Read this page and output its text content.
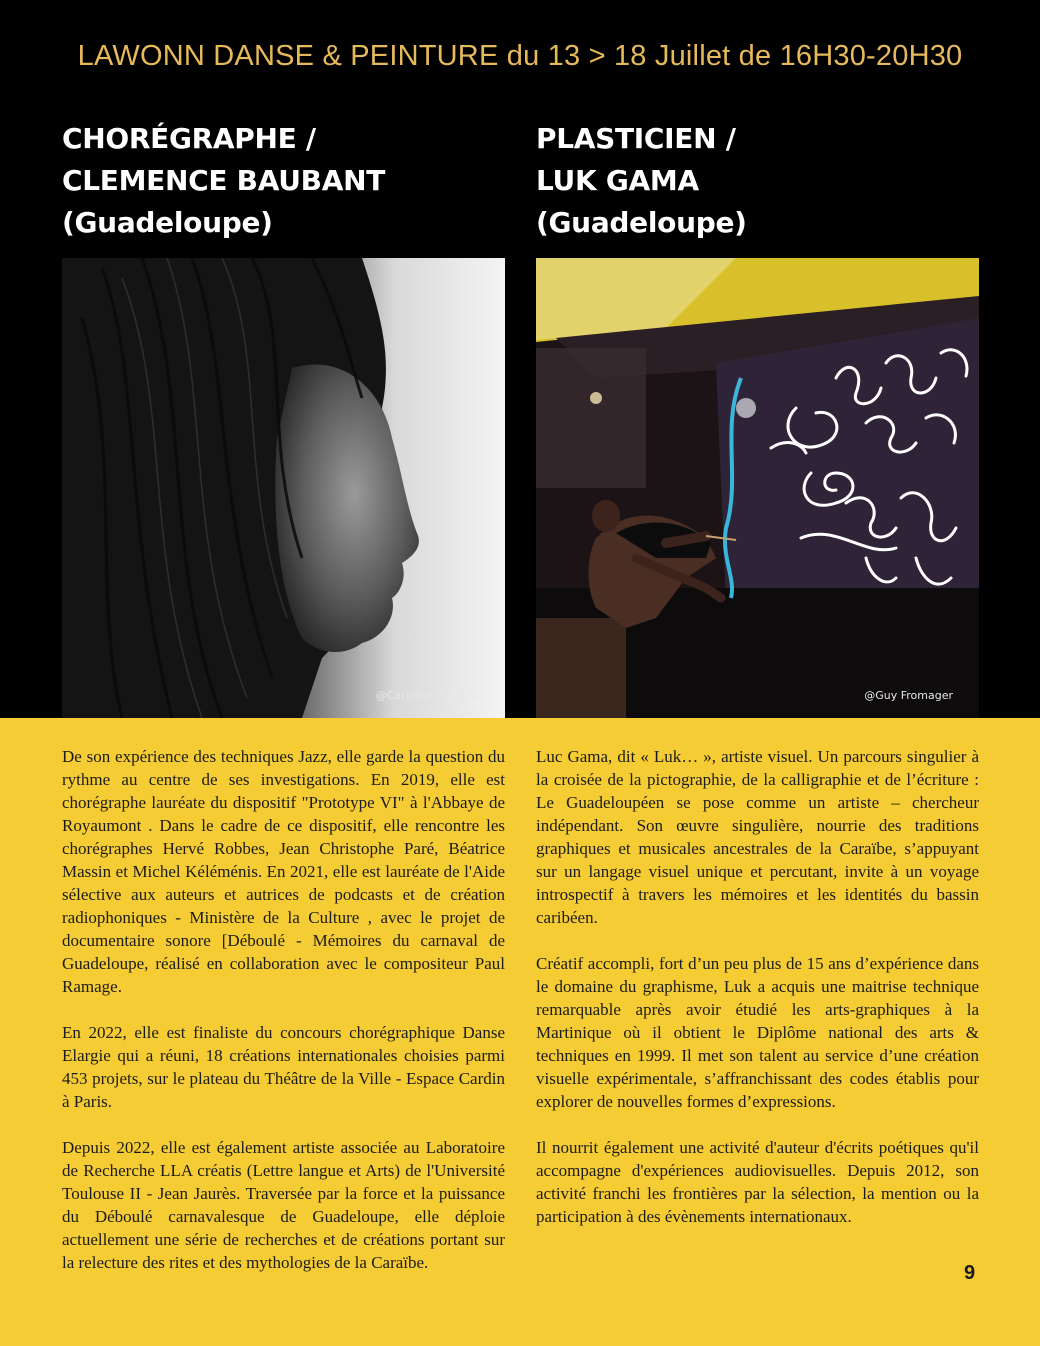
LAWONN DANSE & PEINTURE du 13 > 18 Juillet de 16H30-20H30
CHORÉGRAPHE /
CLEMENCE BAUBANT
(Guadeloupe)
PLASTICIEN /
LUK GAMA
(Guadeloupe)
@Caroline Dassieu	@Guy Fromager

De son expérience des techniques Jazz, elle garde la question du rythme au centre de ses investigations. En 2019, elle est chorégraphe lauréate du dispositif "Prototype VI" à l'Abbaye de Royaumont . Dans le cadre de ce dispositif, elle rencontre les chorégraphes Hervé Robbes, Jean Christophe Paré, Béatrice Massin et Michel Kéléménis. En 2021, elle est lauréate de l'Aide sélective aux auteurs et autrices de podcasts et de création radiophoniques - Ministère de la Culture , avec le projet de documentaire sonore [Déboulé - Mémoires du carnaval de Guadeloupe, réalisé en collaboration avec le compositeur Paul Ramage.

En 2022, elle est finaliste du concours chorégraphique Danse Elargie qui a réuni, 18 créations internationales choisies parmi 453 projets, sur le plateau du Théâtre de la Ville - Espace Cardin à Paris.

Depuis 2022, elle est également artiste associée au Laboratoire de Recherche LLA créatis (Lettre langue et Arts) de l'Université Toulouse II - Jean Jaurès. Traversée par la force et la puissance du Déboulé carnavalesque de Guadeloupe, elle déploie actuellement une série de recherches et de créations portant sur la relecture des rites et des mythologies de la Caraïbe.

Luc Gama, dit « Luk… », artiste visuel. Un parcours singulier à la croisée de la pictographie, de la calligraphie et de l’écriture : Le Guadeloupéen se pose comme un artiste – chercheur indépendant. Son œuvre singulière, nourrie des traditions graphiques et musicales ancestrales de la Caraïbe, s’appuyant sur un langage visuel unique et percutant, invite à un voyage introspectif à travers les mémoires et les identités du bassin caribéen.

Créatif accompli, fort d’un peu plus de 15 ans d’expérience dans le domaine du graphisme, Luk a acquis une maitrise technique remarquable après avoir étudié les arts-graphiques à la Martinique où il obtient le Diplôme national des arts & techniques en 1999. Il met son talent au service d’une création visuelle expérimentale, s’affranchissant des codes établis pour explorer de nouvelles formes d’expressions.

Il nourrit également une activité d'auteur d'écrits poétiques qu'il accompagne d'expériences audiovisuelles. Depuis 2012, son activité franchi les frontières par la sélection, la mention ou la participation à des évènements internationaux.

9
